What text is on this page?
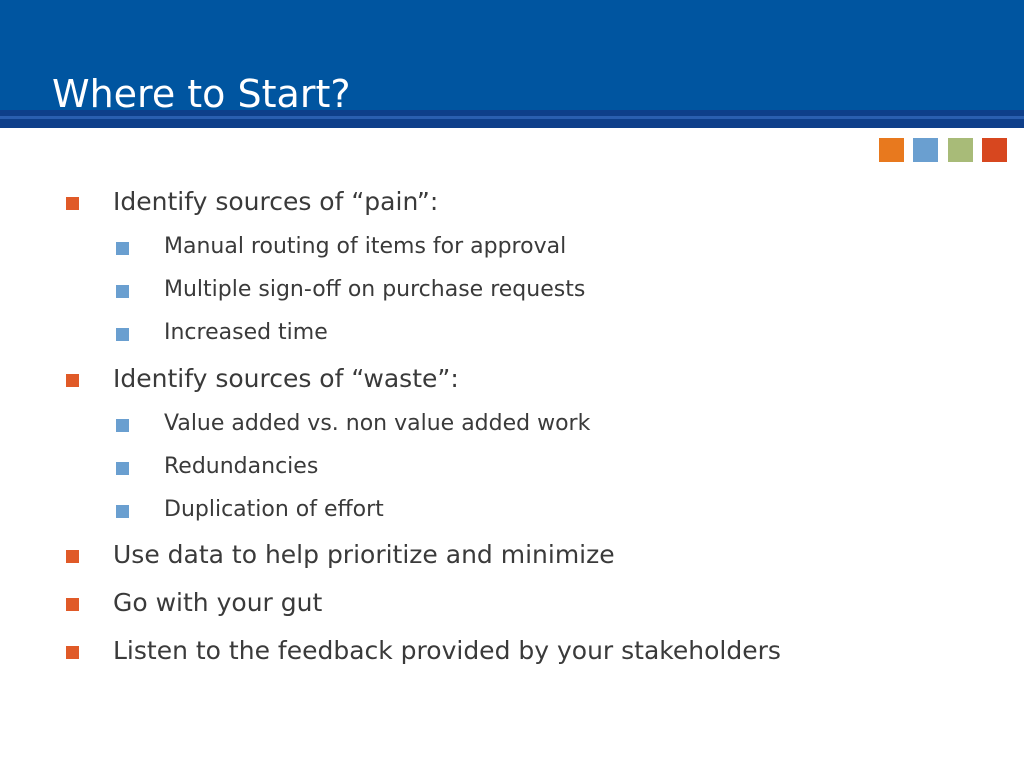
Where to Start?
Identify sources of “pain”:
Manual routing of items for approval
Multiple sign-off on purchase requests
Increased time
Identify sources of “waste”:
Value added vs. non value added work
Redundancies
Duplication of effort
Use data to help prioritize and minimize
Go with your gut
Listen to the feedback provided by your stakeholders
